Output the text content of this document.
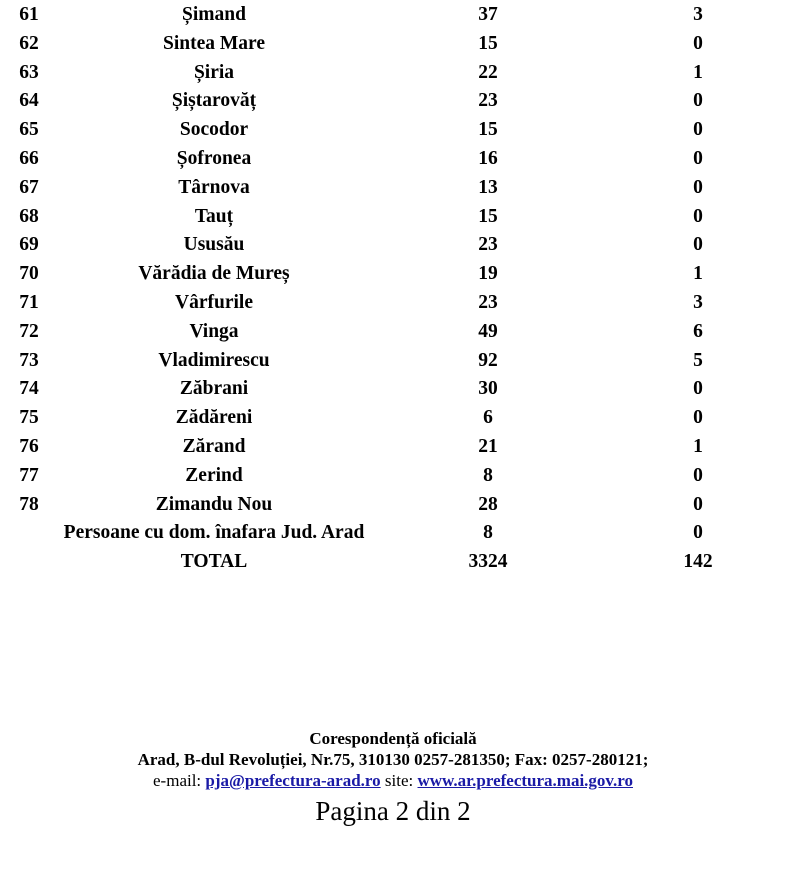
61	Șimand	37	3
62	Sintea Mare	15	0
63	Șiria	22	1
64	Șiștarovăț	23	0
65	Socodor	15	0
66	Șofronea	16	0
67	Târnova	13	0
68	Tauț	15	0
69	Ususău	23	0
70	Vărădia de Mureș	19	1
71	Vârfurile	23	3
72	Vinga	49	6
73	Vladimirescu	92	5
74	Zăbrani	30	0
75	Zădăreni	6	0
76	Zărand	21	1
77	Zerind	8	0
78	Zimandu Nou	28	0
Persoane cu dom. înafara Jud. Arad	8	0
TOTAL	3324	142
Corespondență oficială
Arad, B-dul Revoluției, Nr.75, 310130 0257-281350; Fax: 0257-280121;
e-mail: pja@prefectura-arad.ro site: www.ar.prefectura.mai.gov.ro
Pagina 2 din 2
